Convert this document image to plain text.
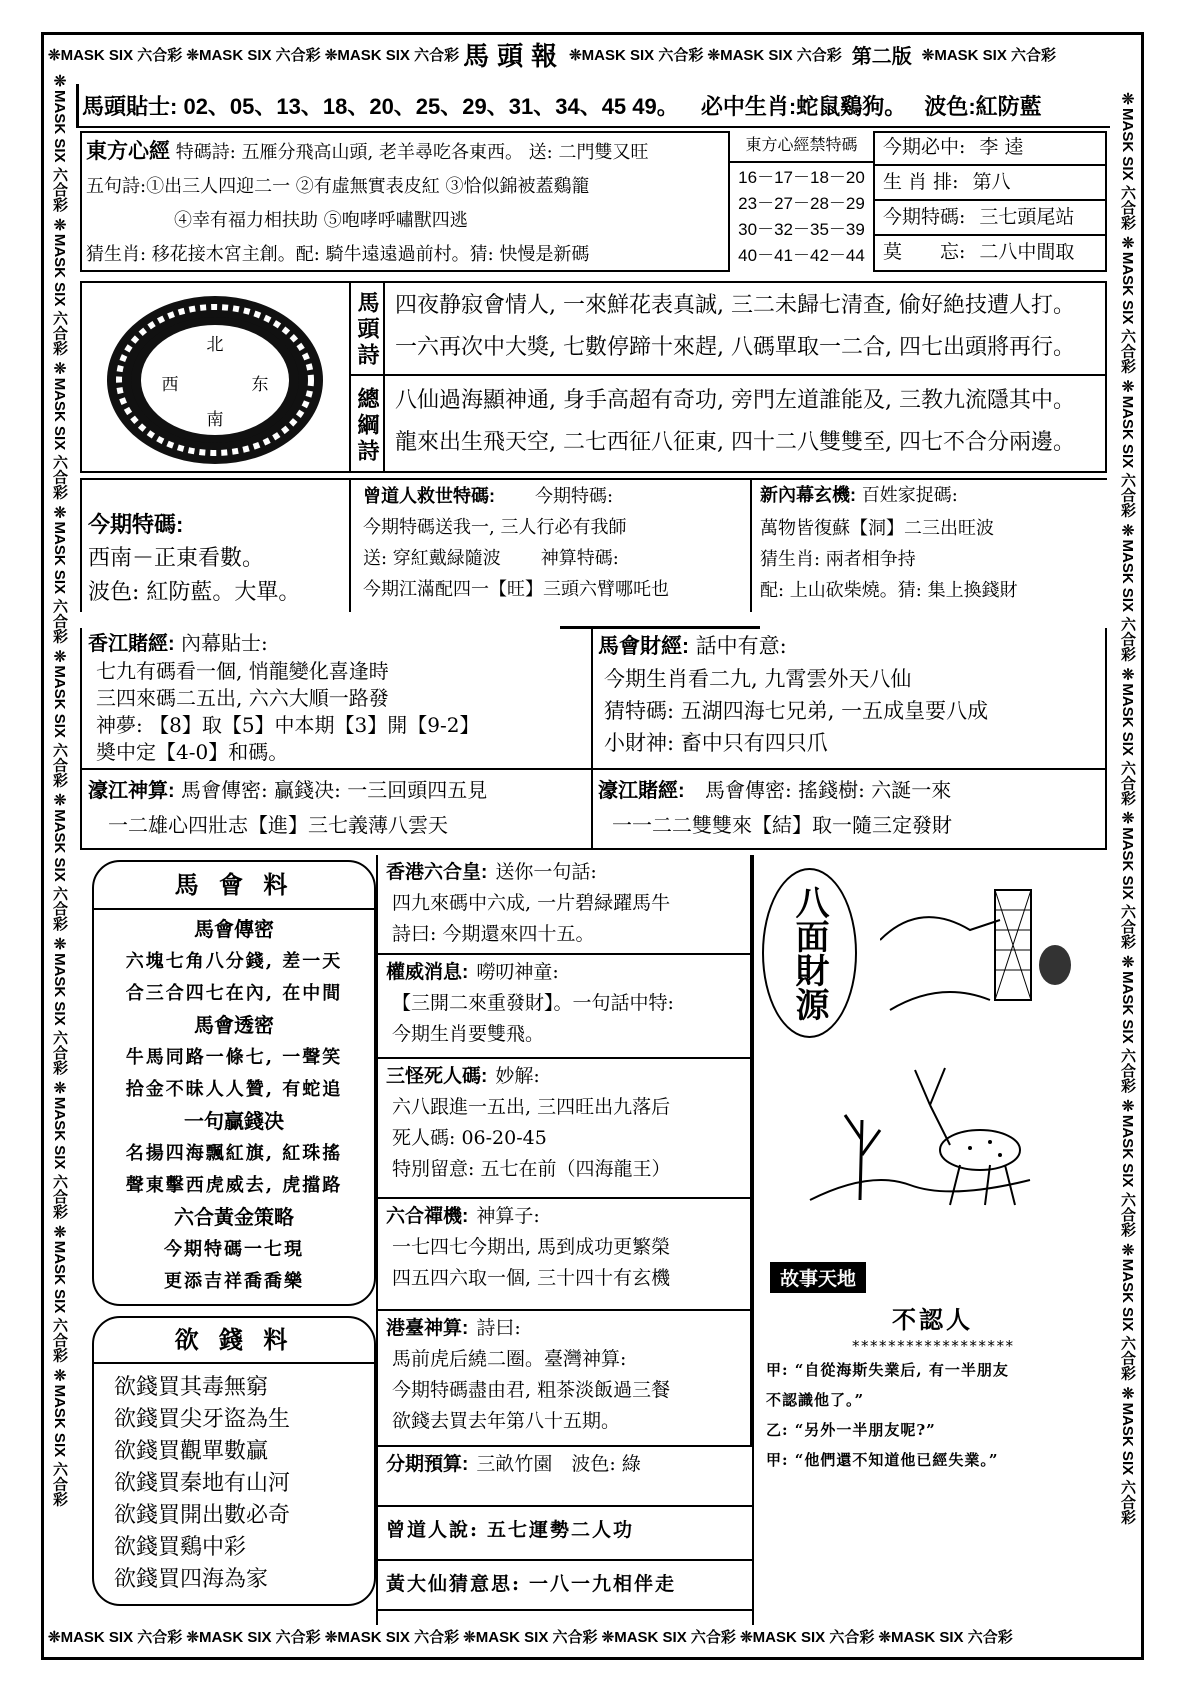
❊MASK SIX 六合彩 ❊MASK SIX 六合彩 ❊MASK SIX 六合彩 馬頭報 ❊MASK SIX 六合彩 ❊MASK SIX 六合彩 第二版 ❊MASK SIX 六合彩
❊MASK SIX 六合彩 ❊MASK SIX 六合彩 ❊MASK SIX 六合彩 ❊MASK SIX 六合彩 ❊MASK SIX 六合彩 ❊MASK SIX 六合彩 ❊MASK SIX 六合彩 ❊MASK SIX 六合彩 ❊MASK SIX 六合彩 ❊MASK SIX 六合彩	❊MASK SIX 六合彩 ❊MASK SIX 六合彩 ❊MASK SIX 六合彩 ❊MASK SIX 六合彩 ❊MASK SIX 六合彩 ❊MASK SIX 六合彩 ❊MASK SIX 六合彩 ❊MASK SIX 六合彩 ❊MASK SIX 六合彩 ❊MASK SIX 六合彩
❊MASK SIX 六合彩 ❊MASK SIX 六合彩 ❊MASK SIX 六合彩 ❊MASK SIX 六合彩 ❊MASK SIX 六合彩 ❊MASK SIX 六合彩 ❊MASK SIX 六合彩
馬頭貼士: 02、05、13、18、20、25、29、31、34、45 49。 必中生肖:蛇鼠鷄狗。 波色:紅防藍
東方心經 特碼詩: 五雁分飛高山頭, 老羊尋吃各東西。 送: 二門雙又旺
五句詩:①出三人四迎二一 ②有虛無實表皮紅 ③恰似錦被蓋鷄籠
④幸有福力相扶助 ⑤咆哮呼嘯獸四逃
猜生肖: 移花接木宮主創。配: 騎牛遠遠過前村。猜: 快慢是新碼
東方心經禁特碼
16－17－18－20
23－27－28－29
30－32－35－39
40－41－42－44
今期必中: 李 逵
生 肖 排: 第八
今期特碼: 三七頭尾站
莫　　忘: 二八中間取
北
西	东
南
馬頭詩 四夜静寂會情人, 一來鮮花表真誠, 三二未歸七清查, 偷好絶技遭人打。
一六再次中大獎, 七數停蹄十來趕, 八碼單取一二合, 四七出頭將再行。
總綱詩 八仙過海顯神通, 身手高超有奇功, 旁門左道誰能及, 三教九流隱其中。
龍來出生飛天空, 二七西征八征東, 四十二八雙雙至, 四七不合分兩邊。
今期特碼:
西南－正東看數。
波色: 紅防藍。大單。
曾道人救世特碼: 今期特碼:
今期特碼送我一, 三人行必有我師
送: 穿紅戴緑隨波 神算特碼:
今期江滿配四一【旺】三頭六臂哪吒也
新內幕玄機: 百姓家捉碼:
萬物皆復蘇【洞】二三出旺波
猜生肖: 兩者相争持
配: 上山砍柴燒。猜: 集上換錢財
香江賭經: 內幕貼士:
七九有碼看一個, 悄龍變化喜逢時
三四來碼二五出, 六六大順一路發
神夢: 【8】取【5】中本期【3】開【9-2】
奬中定【4-0】和碼。
馬會財經: 話中有意:
今期生肖看二九, 九霄雲外天八仙
猜特碼: 五湖四海七兄弟, 一五成皇要八成
小財神: 畜中只有四只爪
濠江神算: 馬會傳密: 贏錢决: 一三回頭四五見
一二雄心四壯志【進】三七義薄八雲天
濠江賭經: 馬會傳密: 搖錢樹: 六誕一來
一一二二雙雙來【結】取一隨三定發財
馬 會 料
馬會傳密
六塊七角八分錢, 差一天
合三合四七在內, 在中間
馬會透密
牛馬同路一條七, 一聲笑
拾金不昧人人贊, 有蛇追
一句贏錢决
名揚四海飄紅旗, 紅珠搖
聲東擊西虎威去, 虎擋路
六合黃金策略
今期特碼一七現
更添吉祥喬喬樂
欲 錢 料
欲錢買其毒無窮
欲錢買尖牙盜為生
欲錢買觀單數贏
欲錢買秦地有山河
欲錢買開出數必奇
欲錢買鷄中彩
欲錢買四海為家
香港六合皇: 送你一句話:
四九來碼中六成, 一片碧緑躍馬牛
詩曰: 今期還來四十五。
權威消息: 嘮叨神童:
【三開二來重發財】。一句話中特:
今期生肖要雙飛。
三怪死人碼: 妙解:
六八跟進一五出, 三四旺出九落后
死人碼: 06-20-45
特別留意: 五七在前（四海龍王）
六合禪機: 神算子:
一七四七今期出, 馬到成功更繁榮
四五四六取一個, 三十四十有玄機
港臺神算: 詩曰:
馬前虎后繞二圈。臺灣神算:
今期特碼盡由君, 粗茶淡飯過三餐
欲錢去買去年第八十五期。
分期預算: 三畝竹園　波色: 綠
曾道人說: 五七運勢二人功
黃大仙猜意思: 一八一九相伴走
八面財源
故事天地
不認人
******************
甲: “自從海斯失業后, 有一半朋友
不認識他了。”
乙: “另外一半朋友呢?”
甲: “他們還不知道他已經失業。”
